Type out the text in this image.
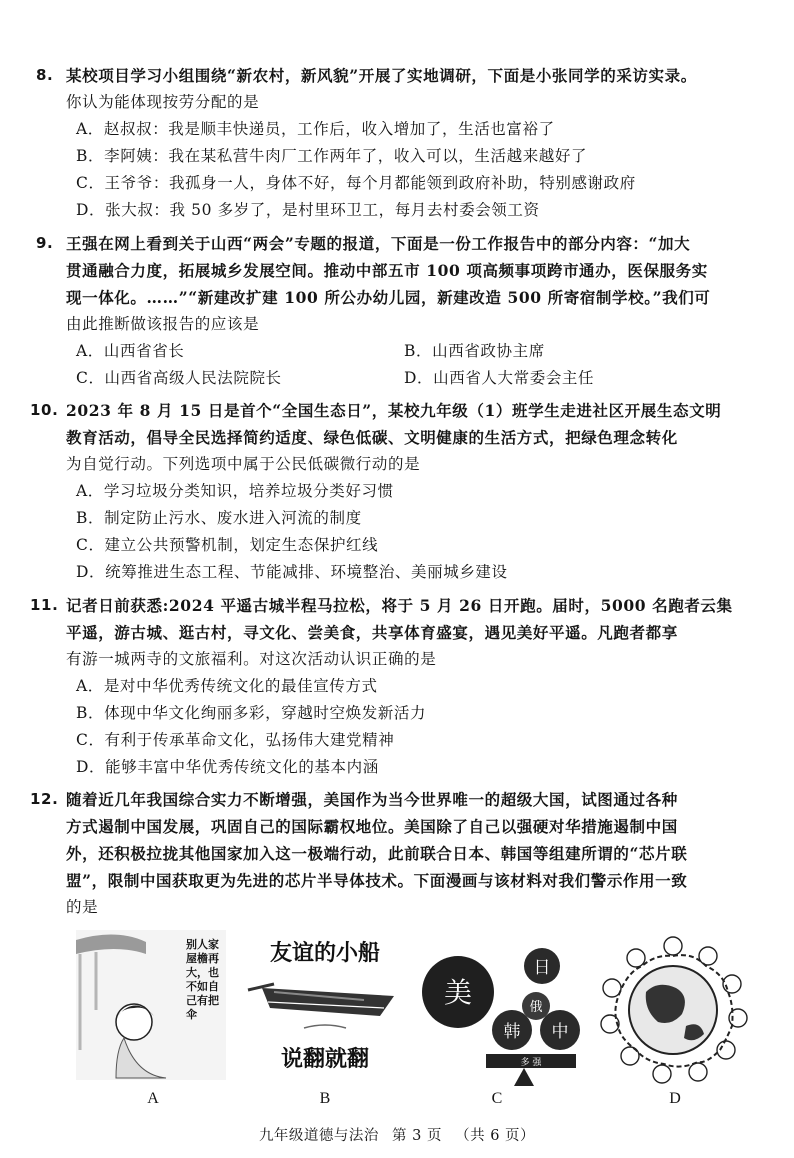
8. 某校项目学习小组围绕“新农村，新风貌”开展了实地调研，下面是小张同学的采访实录。
你认为能体现按劳分配的是
A．赵叔叔：我是顺丰快递员，工作后，收入增加了，生活也富裕了
B．李阿姨：我在某私营牛肉厂工作两年了，收入可以，生活越来越好了
C．王爷爷：我孤身一人，身体不好，每个月都能领到政府补助，特别感谢政府
D．张大叔：我 50 多岁了，是村里环卫工，每月去村委会领工资
9. 王强在网上看到关于山西“两会”专题的报道，下面是一份工作报告中的部分内容：“加大
贯通融合力度，拓展城乡发展空间。推动中部五市 100 项高频事项跨市通办，医保服务实
现一体化。……”“新建改扩建 100 所公办幼儿园，新建改造 500 所寄宿制学校。”我们可
由此推断做该报告的应该是
A．山西省省长	B．山西省政协主席
C．山西省高级人民法院院长	D．山西省人大常委会主任
10. 2023 年 8 月 15 日是首个“全国生态日”，某校九年级（1）班学生走进社区开展生态文明
教育活动，倡导全民选择简约适度、绿色低碳、文明健康的生活方式，把绿色理念转化
为自觉行动。下列选项中属于公民低碳微行动的是
A．学习垃圾分类知识，培养垃圾分类好习惯
B．制定防止污水、废水进入河流的制度
C．建立公共预警机制，划定生态保护红线
D．统筹推进生态工程、节能减排、环境整治、美丽城乡建设
11. 记者日前获悉:2024 平遥古城半程马拉松，将于 5 月 26 日开跑。届时，5000 名跑者云集
平遥，游古城、逛古村，寻文化、尝美食，共享体育盛宴，遇见美好平遥。凡跑者都享
有游一城两寺的文旅福利。对这次活动认识正确的是
A．是对中华优秀传统文化的最佳宣传方式
B．体现中华文化绚丽多彩，穿越时空焕发新活力
C．有利于传承革命文化，弘扬伟大建党精神
D．能够丰富中华优秀传统文化的基本内涵
12. 随着近几年我国综合实力不断增强，美国作为当今世界唯一的超级大国，试图通过各种
方式遏制中国发展，巩固自己的国际霸权地位。美国除了自己以强硬对华措施遏制中国
外，还积极拉拢其他国家加入这一极端行动，此前联合日本、韩国等组建所谓的“芯片联
盟”，限制中国获取更为先进的芯片半导体技术。下面漫画与该材料对我们警示作用一致
的是
别人家
屋檐再
大，也
不如自
己有把
伞
A
友谊的小船
说翻就翻
B
美
日
韩 中
俄
多 强
C	D
九年级道德与法治 第 3 页 （共 6 页）
